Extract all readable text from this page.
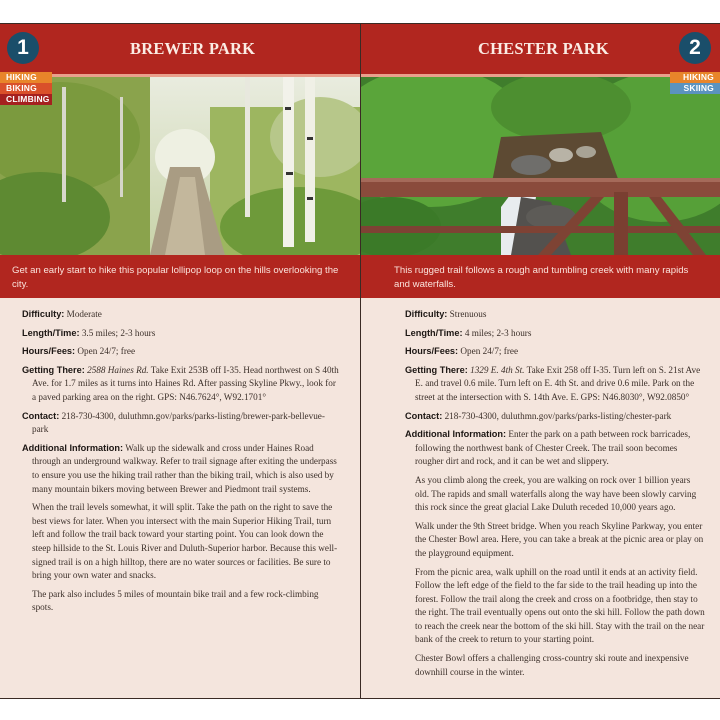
1	BREWER PARK
HIKING
BIKING
CLIMBING
Get an early start to hike this popular lollipop loop on the hills overlooking the city.
Difficulty: Moderate
Length/Time: 3.5 miles; 2-3 hours
Hours/Fees: Open 24/7; free
Getting There: 2588 Haines Rd. Take Exit 253B off I-35. Head northwest on S 40th Ave. for 1.7 miles as it turns into Haines Rd. After passing Skyline Pkwy., look for a paved parking area on the right. GPS: N46.7624°, W92.1701°
Contact: 218-730-4300, duluthmn.gov/parks/parks-listing/brewer-park-bellevue-park
Additional Information: Walk up the sidewalk and cross under Haines Road through an underground walkway. Refer to trail signage after exiting the underpass to ensure you use the hiking trail rather than the biking trail, which is also used by many mountain bikers moving between Brewer and Piedmont trail systems.
When the trail levels somewhat, it will split. Take the path on the right to save the best views for later. When you intersect with the main Superior Hiking Trail, turn left and follow the trail back toward your starting point. You can look down the steep hillside to the St. Louis River and Duluth-Superior harbor. Because this well-signed trail is on a high hilltop, there are no water sources or facilities. Be sure to bring your own water and snacks.
The park also includes 5 miles of mountain bike trail and a few rock-climbing spots.
CHESTER PARK	2
HIKING
SKIING
This rugged trail follows a rough and tumbling creek with many rapids and waterfalls.
Difficulty: Strenuous
Length/Time: 4 miles; 2-3 hours
Hours/Fees: Open 24/7; free
Getting There: 1329 E. 4th St. Take Exit 258 off I-35. Turn left on S. 21st Ave E. and travel 0.6 mile. Turn left on E. 4th St. and drive 0.6 mile. Park on the street at the intersection with S. 14th Ave. E. GPS: N46.8030°, W92.0850°
Contact: 218-730-4300, duluthmn.gov/parks/parks-listing/chester-park
Additional Information: Enter the park on a path between rock barricades, following the northwest bank of Chester Creek. The trail soon becomes rougher dirt and rock, and it can be wet and slippery.
As you climb along the creek, you are walking on rock over 1 billion years old. The rapids and small waterfalls along the way have been slowly carving this rock since the great glacial Lake Duluth receded 10,000 years ago.
Walk under the 9th Street bridge. When you reach Skyline Parkway, you enter the Chester Bowl area. Here, you can take a break at the picnic area or play on the playground equipment.
From the picnic area, walk uphill on the road until it ends at an activity field. Follow the left edge of the field to the far side to the trail heading up into the forest. Follow the trail along the creek and cross on a footbridge, then stay to the right. The trail eventually opens out onto the ski hill. Follow the path down to reach the creek near the bottom of the ski hill. Stay with the trail on the near bank of the creek to return to your starting point.
Chester Bowl offers a challenging cross-country ski route and inexpensive downhill course in the winter.
